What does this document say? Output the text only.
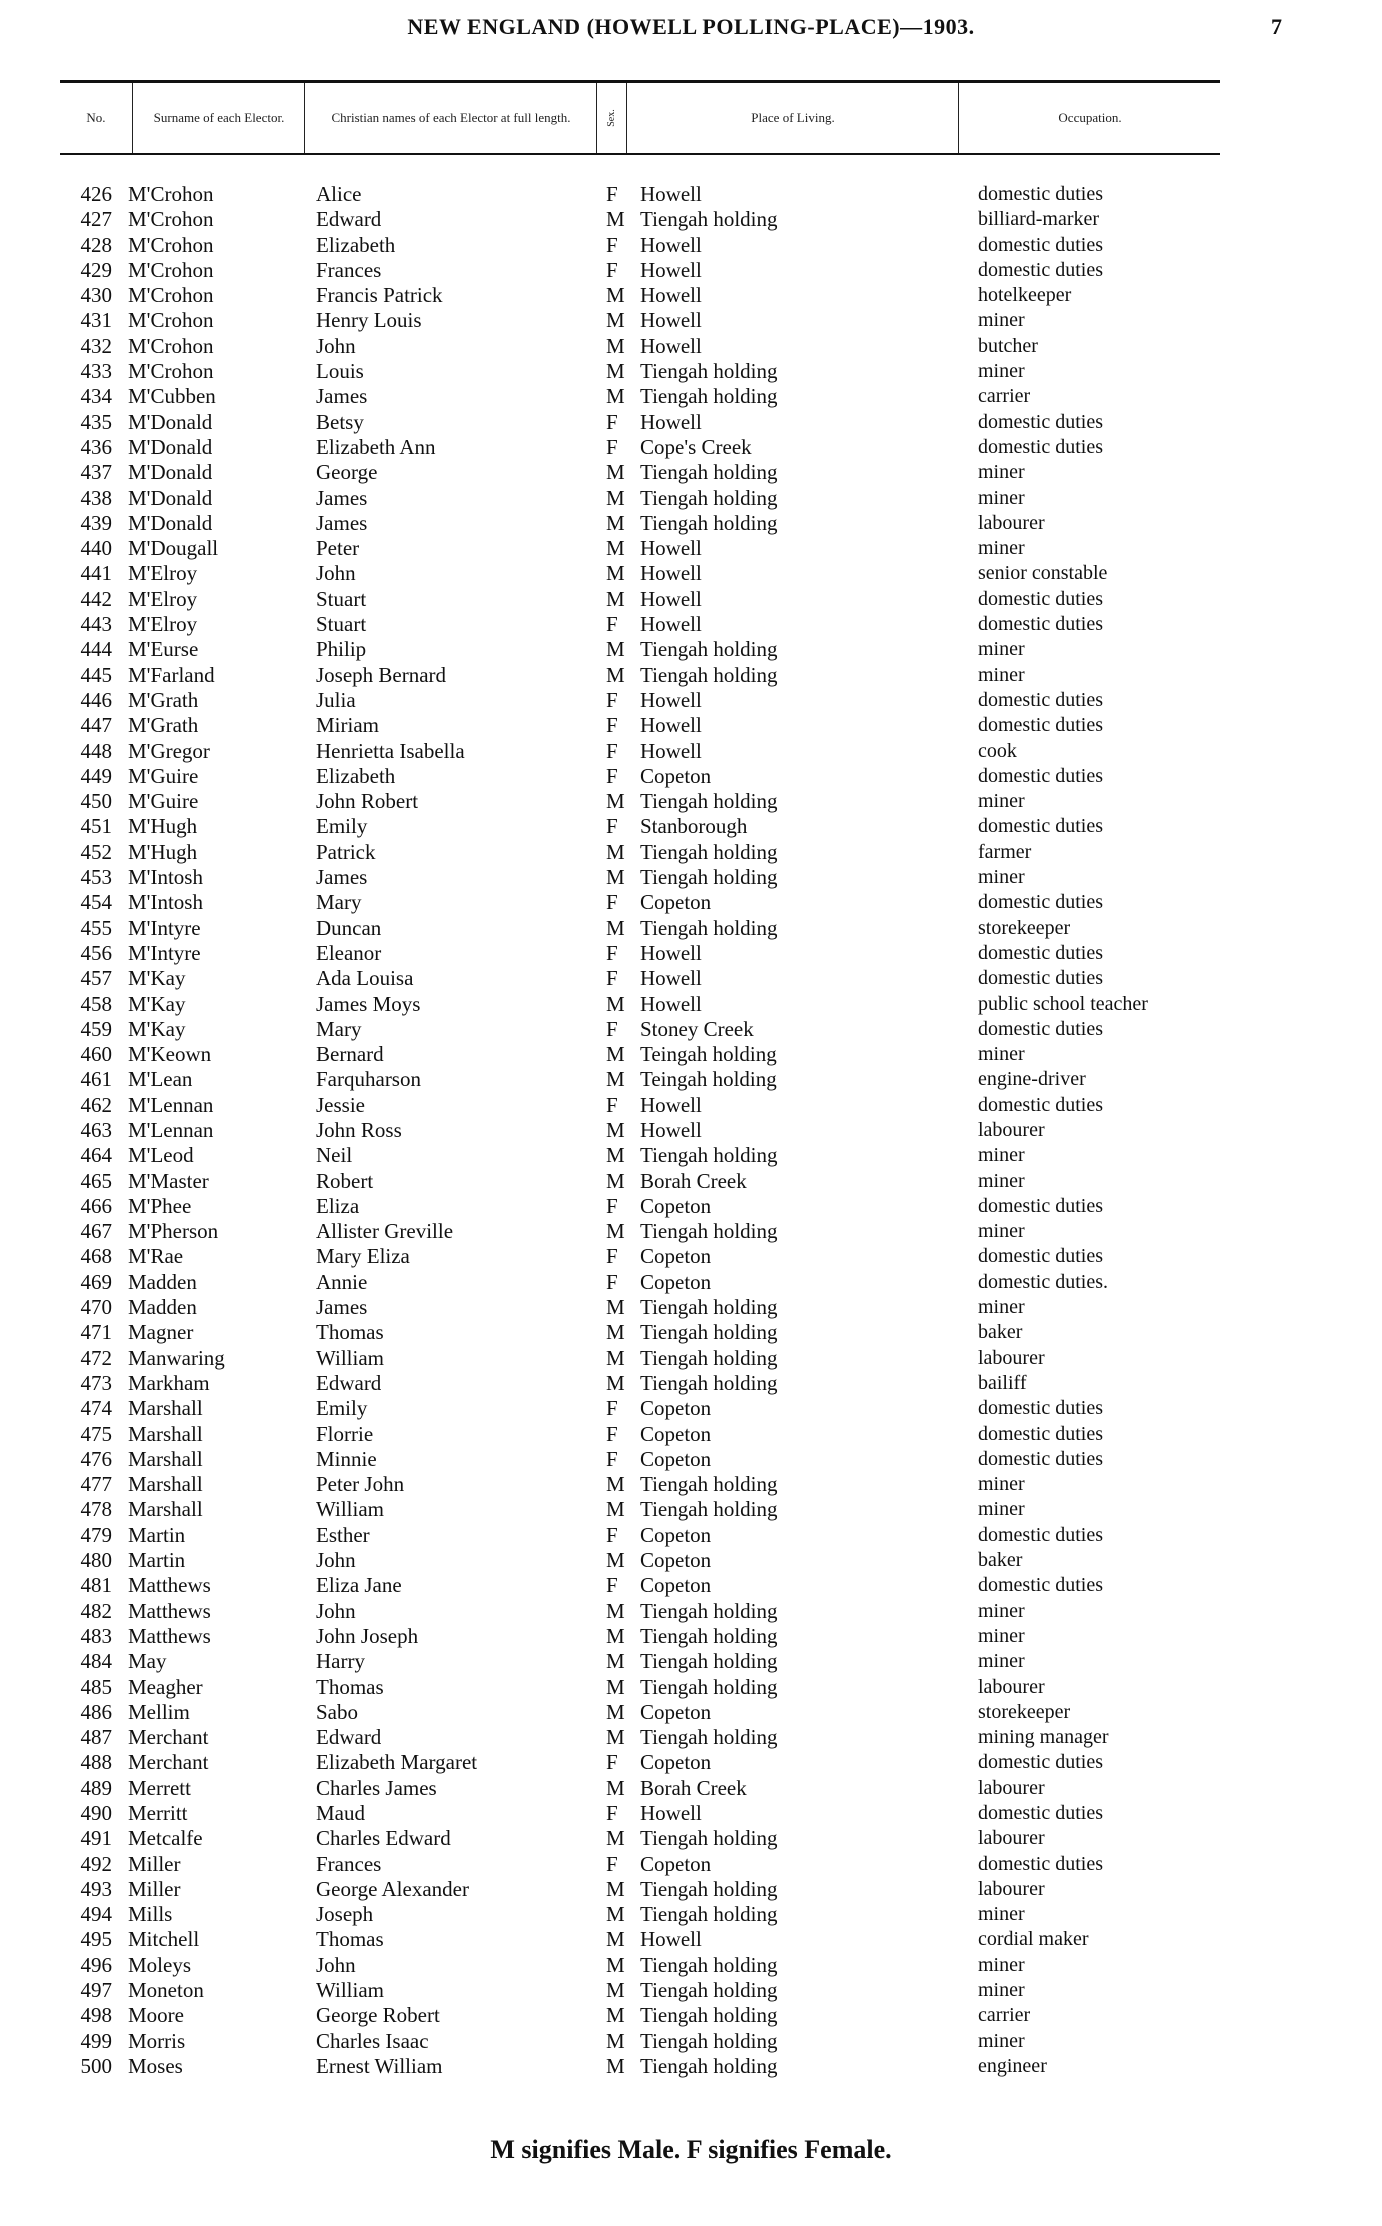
NEW ENGLAND (HOWELL POLLING-PLACE)—1903.	7
No.	Surname of each Elector.	Christian names of each Elector at full length.	Sex.	Place of Living.	Occupation.
426 M'Crohon	Alice	F Howell	domestic duties
427 M'Crohon	Edward	M Tiengah holding	billiard-marker
428 M'Crohon	Elizabeth	F Howell	domestic duties
429 M'Crohon	Frances	F Howell	domestic duties
430 M'Crohon	Francis Patrick	M Howell	hotelkeeper
431 M'Crohon	Henry Louis	M Howell	miner
432 M'Crohon	John	M Howell	butcher
433 M'Crohon	Louis	M Tiengah holding	miner
434 M'Cubben	James	M Tiengah holding	carrier
435 M'Donald	Betsy	F Howell	domestic duties
436 M'Donald	Elizabeth Ann	F Cope's Creek	domestic duties
437 M'Donald	George	M Tiengah holding	miner
438 M'Donald	James	M Tiengah holding	miner
439 M'Donald	James	M Tiengah holding	labourer
440 M'Dougall	Peter	M Howell	miner
441 M'Elroy	John	M Howell	senior constable
442 M'Elroy	Stuart	M Howell	domestic duties
443 M'Elroy	Stuart	F Howell	domestic duties
444 M'Eurse	Philip	M Tiengah holding	miner
445 M'Farland	Joseph Bernard	M Tiengah holding	miner
446 M'Grath	Julia	F Howell	domestic duties
447 M'Grath	Miriam	F Howell	domestic duties
448 M'Gregor	Henrietta Isabella	F Howell	cook
449 M'Guire	Elizabeth	F Copeton	domestic duties
450 M'Guire	John Robert	M Tiengah holding	miner
451 M'Hugh	Emily	F Stanborough	domestic duties
452 M'Hugh	Patrick	M Tiengah holding	farmer
453 M'Intosh	James	M Tiengah holding	miner
454 M'Intosh	Mary	F Copeton	domestic duties
455 M'Intyre	Duncan	M Tiengah holding	storekeeper
456 M'Intyre	Eleanor	F Howell	domestic duties
457 M'Kay	Ada Louisa	F Howell	domestic duties
458 M'Kay	James Moys	M Howell	public school teacher
459 M'Kay	Mary	F Stoney Creek	domestic duties
460 M'Keown	Bernard	M Teingah holding	miner
461 M'Lean	Farquharson	M Teingah holding	engine-driver
462 M'Lennan	Jessie	F Howell	domestic duties
463 M'Lennan	John Ross	M Howell	labourer
464 M'Leod	Neil	M Tiengah holding	miner
465 M'Master	Robert	M Borah Creek	miner
466 M'Phee	Eliza	F Copeton	domestic duties
467 M'Pherson	Allister Greville	M Tiengah holding	miner
468 M'Rae	Mary Eliza	F Copeton	domestic duties
469 Madden	Annie	F Copeton	domestic duties.
470 Madden	James	M Tiengah holding	miner
471 Magner	Thomas	M Tiengah holding	baker
472 Manwaring	William	M Tiengah holding	labourer
473 Markham	Edward	M Tiengah holding	bailiff
474 Marshall	Emily	F Copeton	domestic duties
475 Marshall	Florrie	F Copeton	domestic duties
476 Marshall	Minnie	F Copeton	domestic duties
477 Marshall	Peter John	M Tiengah holding	miner
478 Marshall	William	M Tiengah holding	miner
479 Martin	Esther	F Copeton	domestic duties
480 Martin	John	M Copeton	baker
481 Matthews	Eliza Jane	F Copeton	domestic duties
482 Matthews	John	M Tiengah holding	miner
483 Matthews	John Joseph	M Tiengah holding	miner
484 May	Harry	M Tiengah holding	miner
485 Meagher	Thomas	M Tiengah holding	labourer
486 Mellim	Sabo	M Copeton	storekeeper
487 Merchant	Edward	M Tiengah holding	mining manager
488 Merchant	Elizabeth Margaret	F Copeton	domestic duties
489 Merrett	Charles James	M Borah Creek	labourer
490 Merritt	Maud	F Howell	domestic duties
491 Metcalfe	Charles Edward	M Tiengah holding	labourer
492 Miller	Frances	F Copeton	domestic duties
493 Miller	George Alexander	M Tiengah holding	labourer
494 Mills	Joseph	M Tiengah holding	miner
495 Mitchell	Thomas	M Howell	cordial maker
496 Moleys	John	M Tiengah holding	miner
497 Moneton	William	M Tiengah holding	miner
498 Moore	George Robert	M Tiengah holding	carrier
499 Morris	Charles Isaac	M Tiengah holding	miner
500 Moses	Ernest William	M Tiengah holding	engineer
M signifies Male. F signifies Female.
